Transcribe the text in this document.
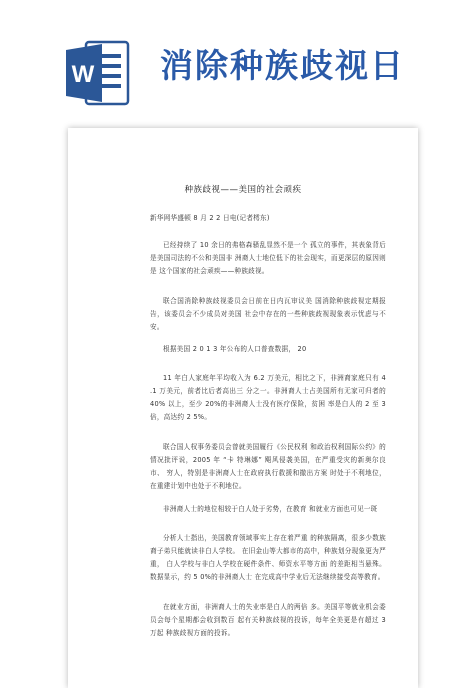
W 消除种族歧视日
种族歧视——美国的社会顽疾
新华网华盛顿 8 月 2 2 日电(记者樗东)
已经持续了 10 余日的弗格森骚乱显然不是一个 孤立的事件，其表象背后是美国司法的不公和美国非 洲裔人士地位低下的社会现实，而更深层的原因则是 这个国家的社会顽疾——种族歧视。
联合国消除种族歧视委员会日前在日内瓦审议美 国消除种族歧视定期报告，该委员会不少成员对美国 社会中存在的一些种族歧视现象表示忧虑与不安。
根据美国 2 0 1 3 年公布的人口普查数据， 20
11 年白人家庭年平均收入为 6.2 万美元，相比之下，非洲裔家庭只有 4 .1 万美元，前者比后者高出三 分之一。非洲裔人士占美国所有无家可归者的 40% 以上，至少 20%的非洲裔人士没有医疗保险，贫困 率是白人的 2 至 3 倍，高达约 2 5%。
联合国人权事务委员会曾就美国履行《公民权利 和政治权利国际公约》的情况批评说，2005 年 “卡 特琳娜” 飓风侵袭美国，在严重受灾的新奥尔良市、 穷人，特别是非洲裔人士在政府执行救援和撤出方案 时处于不利地位，在重建计划中也处于不利地位。
非洲裔人士的地位相较于白人处于劣势，在教育 和就业方面也可见一斑
分析人士指出，美国教育领域事实上存在着严重 的种族隔离，很多少数族裔子弟只能就读非白人学校。 在旧金山等大都市的高中，种族划分现象更为严重， 白人学校与非白人学校在硬件条件、师资水平等方面 的差距相当悬殊。数据显示，约 5 0%的非洲裔人士 在完成高中学业后无法继续接受高等教育。
在就业方面，非洲裔人士的失业率是白人的两倍 多。美国平等就业机会委员会每个星期都会收到数百 起有关种族歧视的投诉，每年全美更是有超过 3 万起 种族歧视方面的投诉。
